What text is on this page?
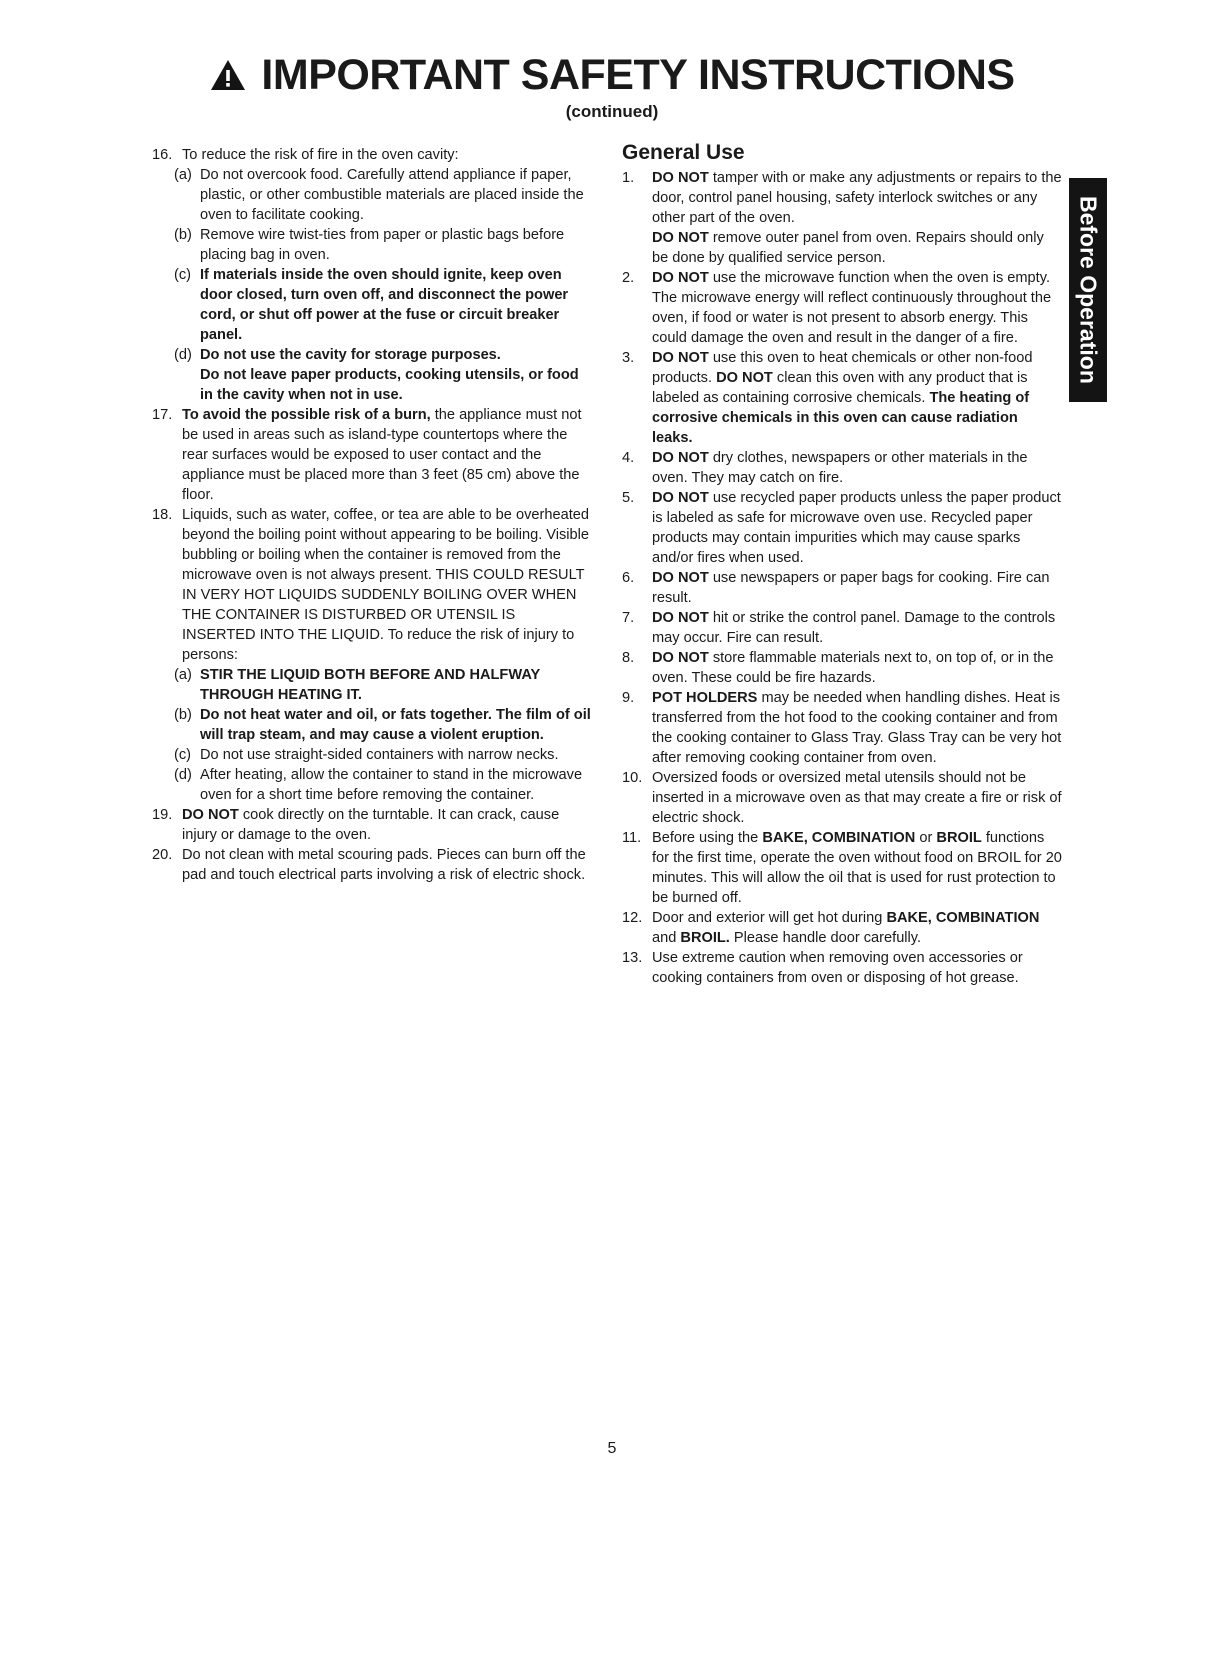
IMPORTANT SAFETY INSTRUCTIONS
(continued)
16. To reduce the risk of fire in the oven cavity:
(a) Do not overcook food. Carefully attend appliance if paper, plastic, or other combustible materials are placed inside the oven to facilitate cooking.
(b) Remove wire twist-ties from paper or plastic bags before placing bag in oven.
(c) If materials inside the oven should ignite, keep oven door closed, turn oven off, and disconnect the power cord, or shut off power at the fuse or circuit breaker panel.
(d) Do not use the cavity for storage purposes.
Do not leave paper products, cooking utensils, or food in the cavity when not in use.
17. To avoid the possible risk of a burn, the appliance must not be used in areas such as island-type countertops where the rear surfaces would be exposed to user contact and the appliance must be placed more than 3 feet (85 cm) above the floor.
18. Liquids, such as water, coffee, or tea are able to be overheated beyond the boiling point without appearing to be boiling. Visible bubbling or boiling when the container is removed from the microwave oven is not always present. THIS COULD RESULT IN VERY HOT LIQUIDS SUDDENLY BOILING OVER WHEN THE CONTAINER IS DISTURBED OR UTENSIL IS INSERTED INTO THE LIQUID. To reduce the risk of injury to persons:
(a) STIR THE LIQUID BOTH BEFORE AND HALFWAY THROUGH HEATING IT.
(b) Do not heat water and oil, or fats together. The film of oil will trap steam, and may cause a violent eruption.
(c) Do not use straight-sided containers with narrow necks.
(d) After heating, allow the container to stand in the microwave oven for a short time before removing the container.
19. DO NOT cook directly on the turntable. It can crack, cause injury or damage to the oven.
20. Do not clean with metal scouring pads. Pieces can burn off the pad and touch electrical parts involving a risk of electric shock.
General Use
1. DO NOT tamper with or make any adjustments or repairs to the door, control panel housing, safety interlock switches or any other part of the oven.
DO NOT remove outer panel from oven. Repairs should only be done by qualified service person.
2. DO NOT use the microwave function when the oven is empty. The microwave energy will reflect continuously throughout the oven, if food or water is not present to absorb energy. This could damage the oven and result in the danger of a fire.
3. DO NOT use this oven to heat chemicals or other non-food products. DO NOT clean this oven with any product that is labeled as containing corrosive chemicals. The heating of corrosive chemicals in this oven can cause radiation leaks.
4. DO NOT dry clothes, newspapers or other materials in the oven. They may catch on fire.
5. DO NOT use recycled paper products unless the paper product is labeled as safe for microwave oven use. Recycled paper products may contain impurities which may cause sparks and/or fires when used.
6. DO NOT use newspapers or paper bags for cooking. Fire can result.
7. DO NOT hit or strike the control panel. Damage to the controls may occur. Fire can result.
8. DO NOT store flammable materials next to, on top of, or in the oven. These could be fire hazards.
9. POT HOLDERS may be needed when handling dishes. Heat is transferred from the hot food to the cooking container and from the cooking container to Glass Tray. Glass Tray can be very hot after removing cooking container from oven.
10. Oversized foods or oversized metal utensils should not be inserted in a microwave oven as that may create a fire or risk of electric shock.
11. Before using the BAKE, COMBINATION or BROIL functions for the first time, operate the oven without food on BROIL for 20 minutes. This will allow the oil that is used for rust protection to be burned off.
12. Door and exterior will get hot during BAKE, COMBINATION and BROIL. Please handle door carefully.
13. Use extreme caution when removing oven accessories or cooking containers from oven or disposing of hot grease.
Before Operation
5
